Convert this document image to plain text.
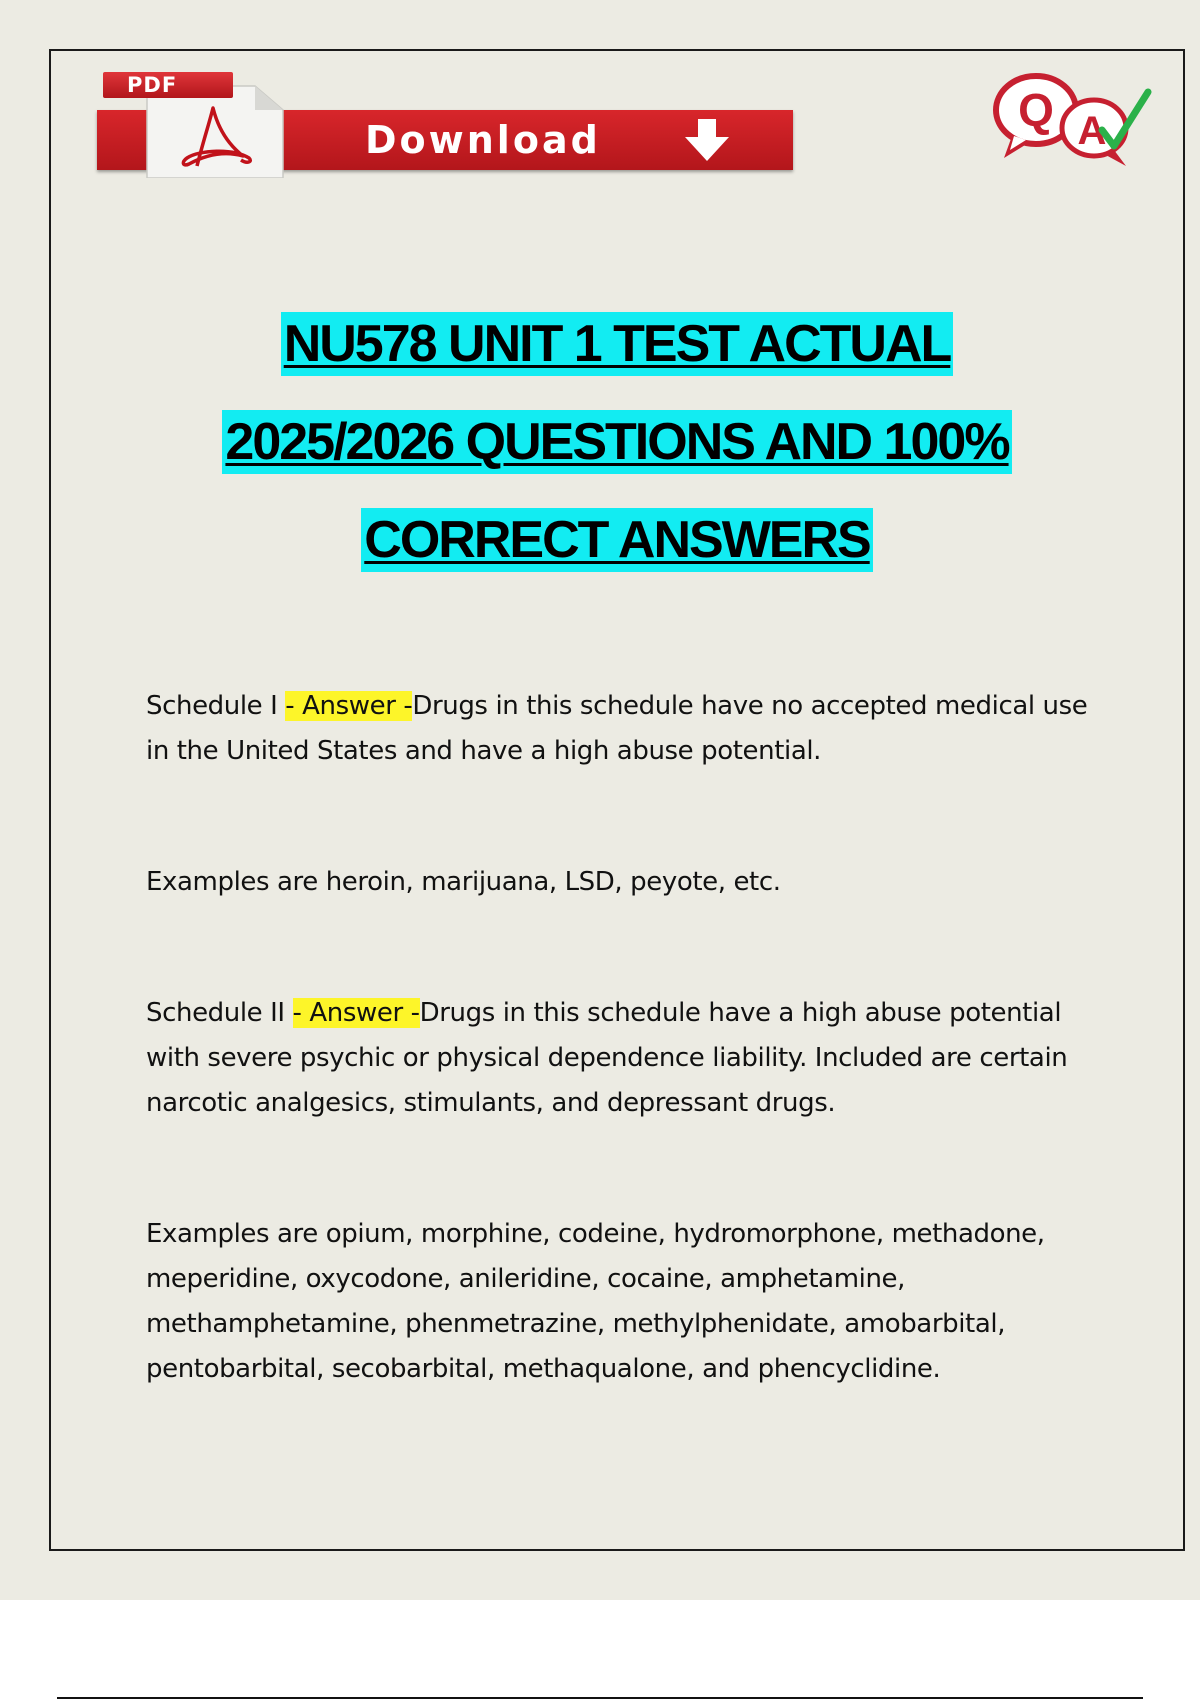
Download
PDF	Q A
NU578 UNIT 1 TEST ACTUAL
2025/2026 QUESTIONS AND 100%
CORRECT ANSWERS

Schedule I - Answer -Drugs in this schedule have no accepted medical use in the United States and have a high abuse potential.

Examples are heroin, marijuana, LSD, peyote, etc.

Schedule II - Answer -Drugs in this schedule have a high abuse potential with severe psychic or physical dependence liability. Included are certain narcotic analgesics, stimulants, and depressant drugs.

Examples are opium, morphine, codeine, hydromorphone, methadone, meperidine, oxycodone, anileridine, cocaine, amphetamine, methamphetamine, phenmetrazine, methylphenidate, amobarbital, pentobarbital, secobarbital, methaqualone, and phencyclidine.
